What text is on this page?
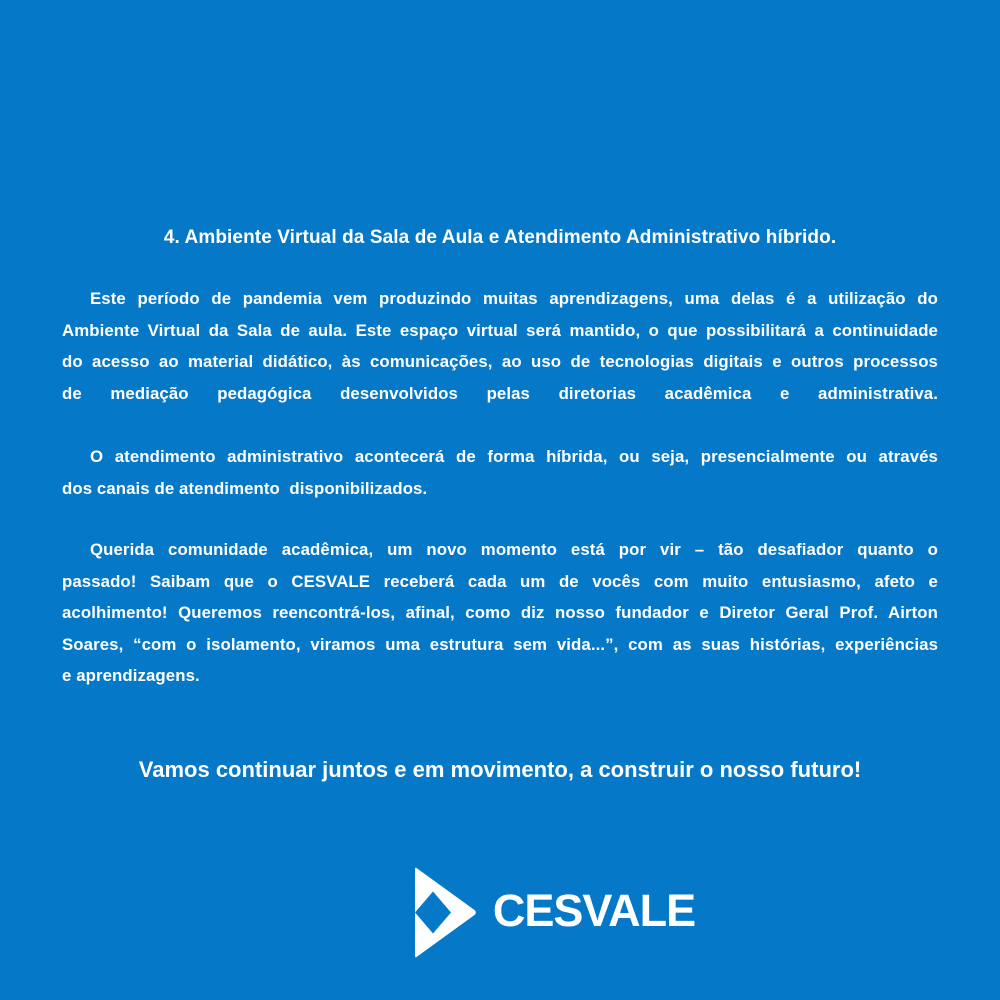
4. Ambiente Virtual da Sala de Aula e Atendimento Administrativo híbrido.
Este período de pandemia vem produzindo muitas aprendizagens, uma delas é a utilização do
Ambiente Virtual da Sala de aula. Este espaço virtual será mantido, o que possibilitará a continuidade
do acesso ao material didático, às comunicações, ao uso de tecnologias digitais e outros processos
de mediação pedagógica desenvolvidos pelas diretorias acadêmica e administrativa.
O atendimento administrativo acontecerá de forma híbrida, ou seja, presencialmente ou através
dos canais de atendimento  disponibilizados.
Querida comunidade acadêmica, um novo momento está por vir – tão desafiador quanto o
passado! Saibam que o CESVALE receberá cada um de vocês com muito entusiasmo, afeto e
acolhimento! Queremos reencontrá-los, afinal, como diz nosso fundador e Diretor Geral Prof. Airton
Soares, “com o isolamento, viramos uma estrutura sem vida...”, com as suas histórias, experiências
e aprendizagens.
Vamos continuar juntos e em movimento, a construir o nosso futuro!
CESVALE
